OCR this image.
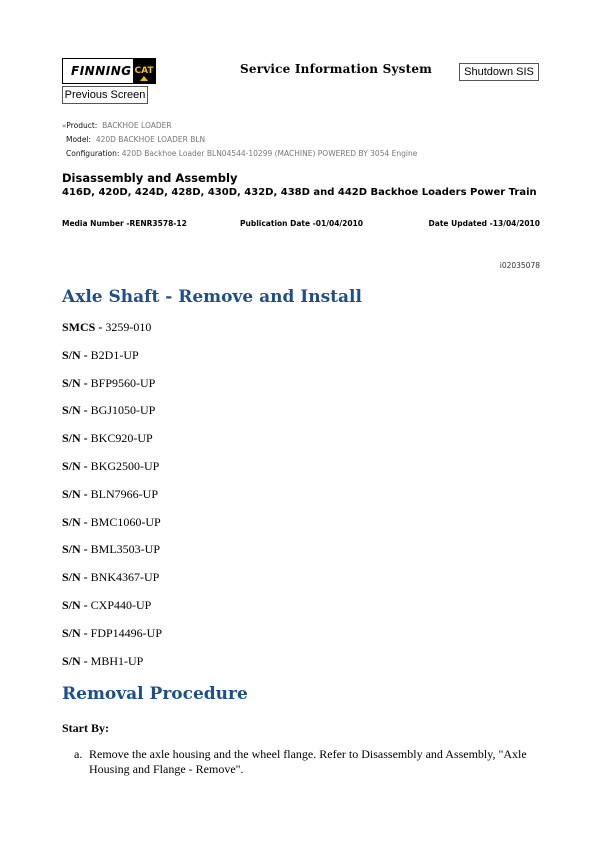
FINNING CAT	Service Information System	Shutdown SIS
Previous Screen
«Product: BACKHOE LOADER
Model: 420D BACKHOE LOADER BLN
Configuration: 420D Backhoe Loader BLN04544-10299 (MACHINE) POWERED BY 3054 Engine
Disassembly and Assembly
416D, 420D, 424D, 428D, 430D, 432D, 438D and 442D Backhoe Loaders Power Train
Media Number -RENR3578-12	Publication Date -01/04/2010	Date Updated -13/04/2010
i02035078
Axle Shaft - Remove and Install
SMCS - 3259-010
S/N - B2D1-UP
S/N - BFP9560-UP
S/N - BGJ1050-UP
S/N - BKC920-UP
S/N - BKG2500-UP
S/N - BLN7966-UP
S/N - BMC1060-UP
S/N - BML3503-UP
S/N - BNK4367-UP
S/N - CXP440-UP
S/N - FDP14496-UP
S/N - MBH1-UP
Removal Procedure
Start By:
a. Remove the axle housing and the wheel flange. Refer to Disassembly and Assembly, "Axle Housing and Flange - Remove".
